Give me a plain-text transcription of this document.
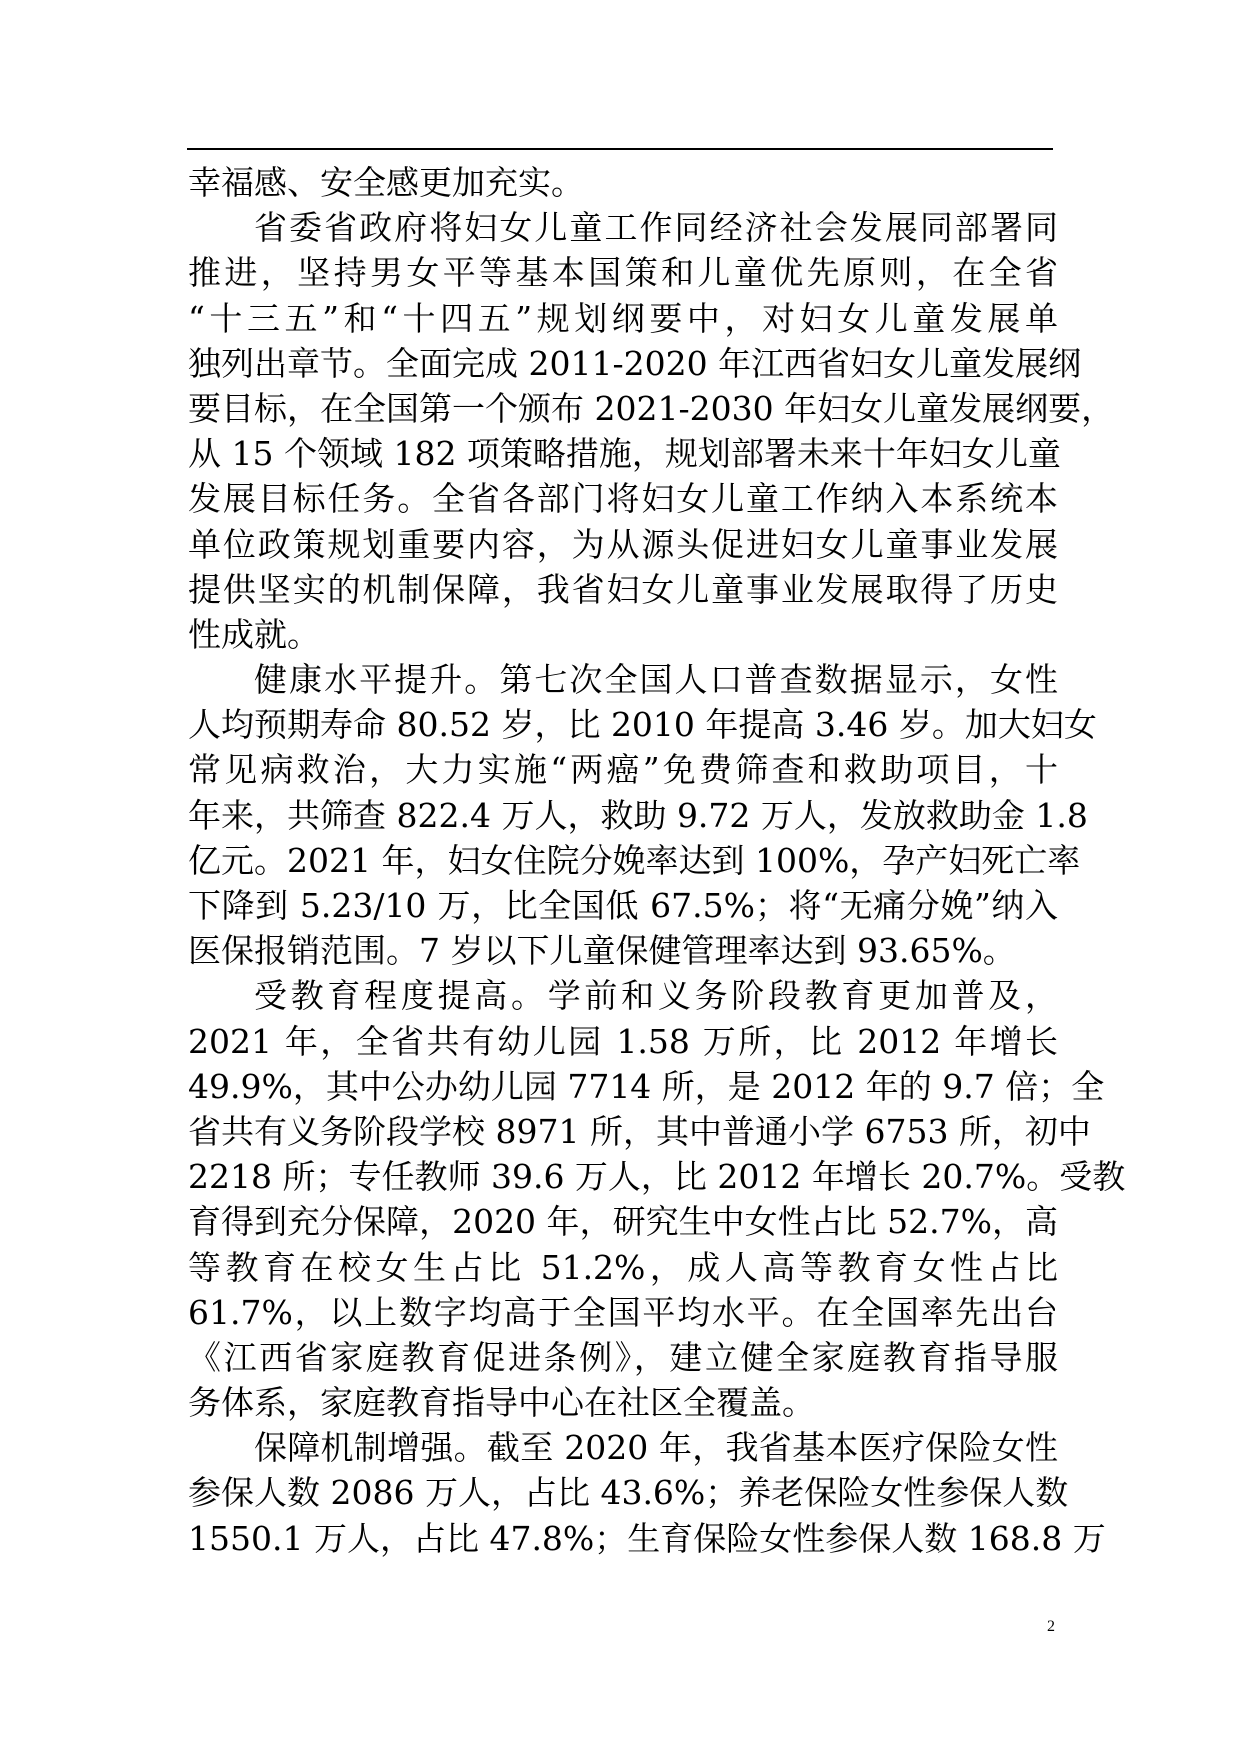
幸福感、安全感更加充实。
省委省政府将妇女儿童工作同经济社会发展同部署同
推进，坚持男女平等基本国策和儿童优先原则，在全省
“十三五”和“十四五”规划纲要中，对妇女儿童发展单
独列出章节。全面完成 2011-2020 年江西省妇女儿童发展纲
要目标，在全国第一个颁布 2021-2030 年妇女儿童发展纲要，
从 15 个领域 182 项策略措施，规划部署未来十年妇女儿童
发展目标任务。全省各部门将妇女儿童工作纳入本系统本
单位政策规划重要内容，为从源头促进妇女儿童事业发展
提供坚实的机制保障，我省妇女儿童事业发展取得了历史
性成就。
健康水平提升。第七次全国人口普查数据显示，女性
人均预期寿命 80.52 岁，比 2010 年提高 3.46 岁。加大妇女
常见病救治，大力实施“两癌”免费筛查和救助项目，十
年来，共筛查 822.4 万人，救助 9.72 万人，发放救助金 1.8
亿元。2021 年，妇女住院分娩率达到 100%，孕产妇死亡率
下降到 5.23/10 万，比全国低 67.5%；将“无痛分娩”纳入
医保报销范围。7 岁以下儿童保健管理率达到 93.65%。
受教育程度提高。学前和义务阶段教育更加普及，
2021 年，全省共有幼儿园 1.58 万所，比 2012 年增长
49.9%，其中公办幼儿园 7714 所，是 2012 年的 9.7 倍；全
省共有义务阶段学校 8971 所，其中普通小学 6753 所，初中
2218 所；专任教师 39.6 万人，比 2012 年增长 20.7%。受教
育得到充分保障，2020 年，研究生中女性占比 52.7%，高
等教育在校女生占比 51.2%，成人高等教育女性占比
61.7%，以上数字均高于全国平均水平。在全国率先出台
《江西省家庭教育促进条例》，建立健全家庭教育指导服
务体系，家庭教育指导中心在社区全覆盖。
保障机制增强。截至 2020 年，我省基本医疗保险女性
参保人数 2086 万人，占比 43.6%；养老保险女性参保人数
1550.1 万人，占比 47.8%；生育保险女性参保人数 168.8 万
2
